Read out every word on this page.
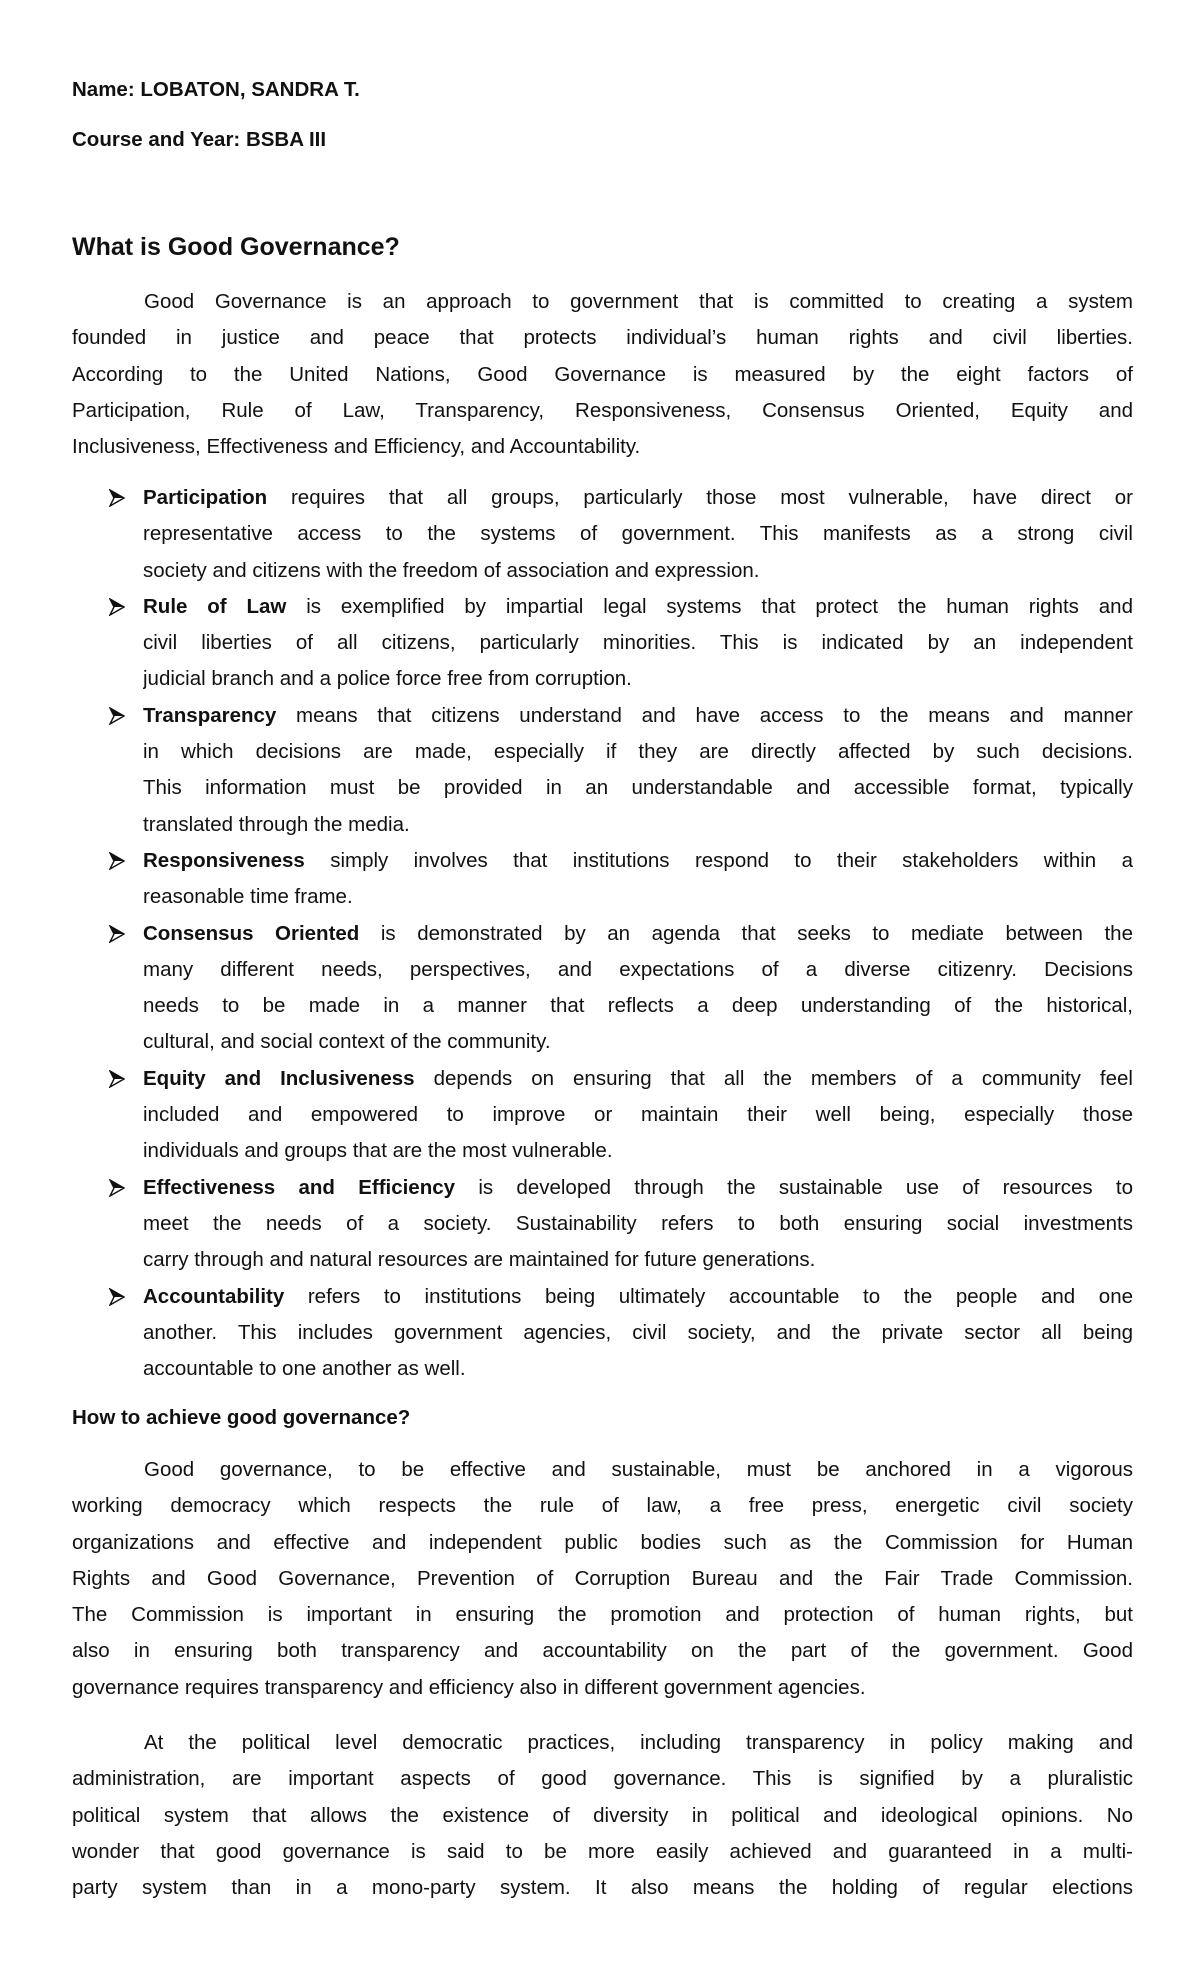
Name: LOBATON, SANDRA T.
Course and Year: BSBA III
What is Good Governance?
Good Governance is an approach to government that is committed to creating a system
founded in justice and peace that protects individual’s human rights and civil liberties.
According to the United Nations, Good Governance is measured by the eight factors of
Participation, Rule of Law, Transparency, Responsiveness, Consensus Oriented, Equity and
Inclusiveness, Effectiveness and Efficiency, and Accountability.
Participation requires that all groups, particularly those most vulnerable, have direct or
representative access to the systems of government. This manifests as a strong civil
society and citizens with the freedom of association and expression.
Rule of Law is exemplified by impartial legal systems that protect the human rights and
civil liberties of all citizens, particularly minorities. This is indicated by an independent
judicial branch and a police force free from corruption.
Transparency means that citizens understand and have access to the means and manner
in which decisions are made, especially if they are directly affected by such decisions.
This information must be provided in an understandable and accessible format, typically
translated through the media.
Responsiveness simply involves that institutions respond to their stakeholders within a
reasonable time frame.
Consensus Oriented is demonstrated by an agenda that seeks to mediate between the
many different needs, perspectives, and expectations of a diverse citizenry. Decisions
needs to be made in a manner that reflects a deep understanding of the historical,
cultural, and social context of the community.
Equity and Inclusiveness depends on ensuring that all the members of a community feel
included and empowered to improve or maintain their well being, especially those
individuals and groups that are the most vulnerable.
Effectiveness and Efficiency is developed through the sustainable use of resources to
meet the needs of a society. Sustainability refers to both ensuring social investments
carry through and natural resources are maintained for future generations.
Accountability refers to institutions being ultimately accountable to the people and one
another. This includes government agencies, civil society, and the private sector all being
accountable to one another as well.
How to achieve good governance?
Good governance, to be effective and sustainable, must be anchored in a vigorous
working democracy which respects the rule of law, a free press, energetic civil society
organizations and effective and independent public bodies such as the Commission for Human
Rights and Good Governance, Prevention of Corruption Bureau and the Fair Trade Commission.
The Commission is important in ensuring the promotion and protection of human rights, but
also in ensuring both transparency and accountability on the part of the government. Good
governance requires transparency and efficiency also in different government agencies.
At the political level democratic practices, including transparency in policy making and
administration, are important aspects of good governance. This is signified by a pluralistic
political system that allows the existence of diversity in political and ideological opinions. No
wonder that good governance is said to be more easily achieved and guaranteed in a multi-
party system than in a mono-party system. It also means the holding of regular elections
